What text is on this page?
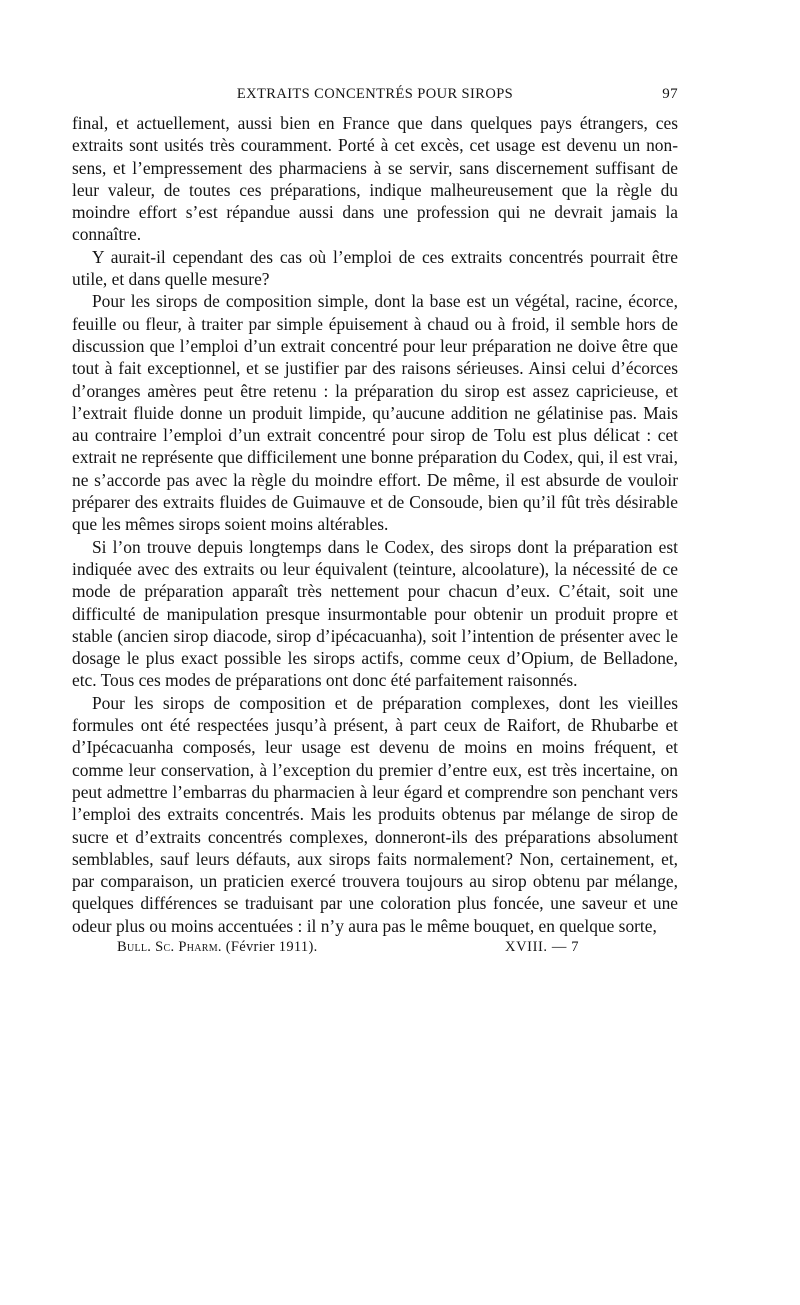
EXTRAITS CONCENTRÉS POUR SIROPS	97

final, et actuellement, aussi bien en France que dans quelques pays étrangers, ces extraits sont usités très couramment. Porté à cet excès, cet usage est devenu un non-sens, et l’empressement des pharmaciens à se servir, sans discernement suffisant de leur valeur, de toutes ces préparations, indique malheureusement que la règle du moindre effort s’est répandue aussi dans une profession qui ne devrait jamais la connaître.

Y aurait-il cependant des cas où l’emploi de ces extraits concentrés pourrait être utile, et dans quelle mesure?

Pour les sirops de composition simple, dont la base est un végétal, racine, écorce, feuille ou fleur, à traiter par simple épuisement à chaud ou à froid, il semble hors de discussion que l’emploi d’un extrait concentré pour leur préparation ne doive être que tout à fait exceptionnel, et se justifier par des raisons sérieuses. Ainsi celui d’écorces d’oranges amères peut être retenu : la préparation du sirop est assez capricieuse, et l’extrait fluide donne un produit limpide, qu’aucune addition ne gélatinise pas. Mais au contraire l’emploi d’un extrait concentré pour sirop de Tolu est plus délicat : cet extrait ne représente que difficilement une bonne préparation du Codex, qui, il est vrai, ne s’accorde pas avec la règle du moindre effort. De même, il est absurde de vouloir préparer des extraits fluides de Guimauve et de Consoude, bien qu’il fût très désirable que les mêmes sirops soient moins altérables.

Si l’on trouve depuis longtemps dans le Codex, des sirops dont la préparation est indiquée avec des extraits ou leur équivalent (teinture, alcoolature), la nécessité de ce mode de préparation apparaît très nettement pour chacun d’eux. C’était, soit une difficulté de manipulation presque insurmontable pour obtenir un produit propre et stable (ancien sirop diacode, sirop d’ipécacuanha), soit l’intention de présenter avec le dosage le plus exact possible les sirops actifs, comme ceux d’Opium, de Belladone, etc. Tous ces modes de préparations ont donc été parfaitement raisonnés.

Pour les sirops de composition et de préparation complexes, dont les vieilles formules ont été respectées jusqu’à présent, à part ceux de Raifort, de Rhubarbe et d’Ipécacuanha composés, leur usage est devenu de moins en moins fréquent, et comme leur conservation, à l’exception du premier d’entre eux, est très incertaine, on peut admettre l’embarras du pharmacien à leur égard et comprendre son penchant vers l’emploi des extraits concentrés. Mais les produits obtenus par mélange de sirop de sucre et d’extraits concentrés complexes, donneront-ils des préparations absolument semblables, sauf leurs défauts, aux sirops faits normalement? Non, certainement, et, par comparaison, un praticien exercé trouvera toujours au sirop obtenu par mélange, quelques différences se traduisant par une coloration plus foncée, une saveur et une odeur plus ou moins accentuées : il n’y aura pas le même bouquet, en quelque sorte,

Bull. Sc. Pharm. (Février 1911).	XVIII. — 7
